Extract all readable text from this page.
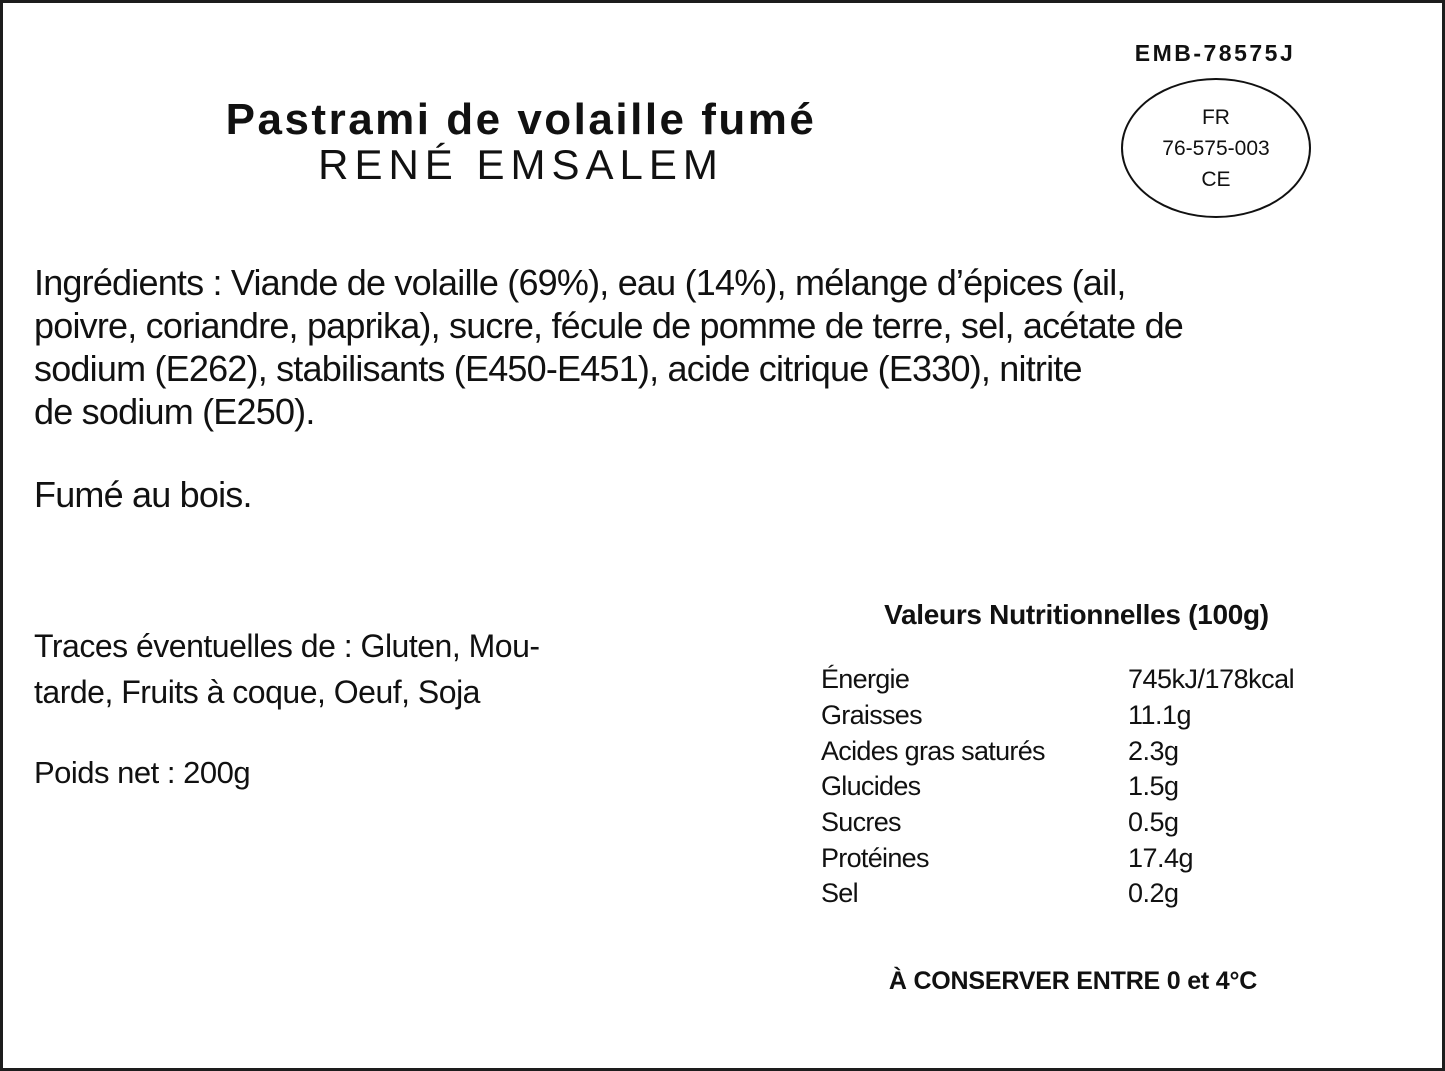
EMB-78575J
FR
76-575-003
CE
Pastrami de volaille fumé
RENÉ EMSALEM
Ingrédients : Viande de volaille (69%), eau (14%), mélange d’épices (ail,
poivre, coriandre, paprika), sucre, fécule de pomme de terre, sel, acétate de
sodium (E262), stabilisants (E450-E451), acide citrique (E330), nitrite
de sodium (E250).
Fumé au bois.
Traces éventuelles de : Gluten, Mou-
tarde, Fruits à coque, Oeuf, Soja
Poids net : 200g
Valeurs Nutritionnelles (100g)
Énergie	745kJ/178kcal
Graisses	11.1g
Acides gras saturés	2.3g
Glucides	1.5g
Sucres	0.5g
Protéines	17.4g
Sel	0.2g
À CONSERVER ENTRE 0 et 4°C
